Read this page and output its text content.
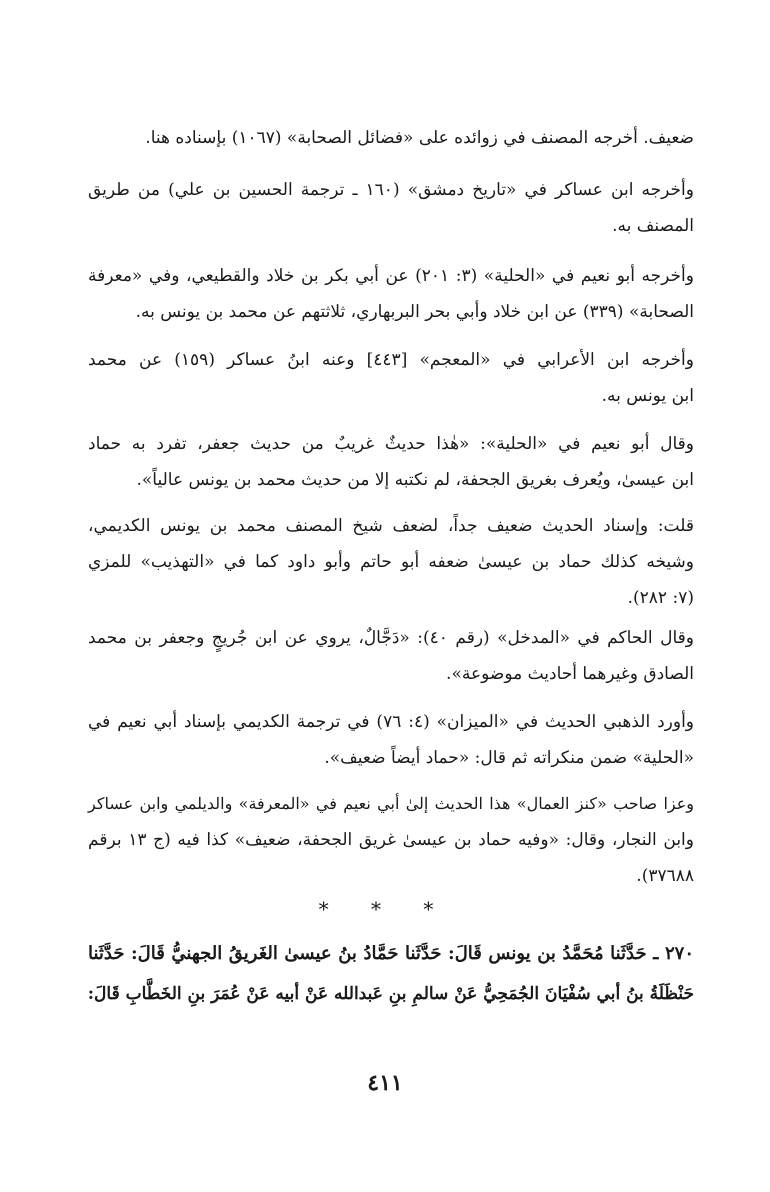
ضعيف. أخرجه المصنف في زوائده على «فضائل الصحابة» (١٠٦٧) بإسناده هنا.

وأخرجه ابن عساكر في «تاريخ دمشق» (١٦٠ ـ ترجمة الحسين بن علي) من طريق
المصنف به.

وأخرجه أبو نعيم في «الحلية» (٣: ٢٠١) عن أبي بكر بن خلاد والقطيعي، وفي «معرفة
الصحابة» (٣٣٩) عن ابن خلاد وأبي بحر البربهاري، ثلاثتهم عن محمد بن يونس به.

وأخرجه ابن الأعرابي في «المعجم» [٤٤٣] وعنه ابنُ عساكر (١٥٩) عن محمد
ابن يونس به.

وقال أبو نعيم في «الحلية»: «هٰذا حديثٌ غريبٌ من حديث جعفر، تفرد به حماد
ابن عيسىٰ، ويُعرف بغريق الجحفة، لم نكتبه إلا من حديث محمد بن يونس عالياً».

قلت: وإسناد الحديث ضعيف جداً، لضعف شيخ المصنف محمد بن يونس الكديمي،
وشيخه كذلك حماد بن عيسىٰ ضعفه أبو حاتم وأبو داود كما في «التهذيب» للمزي
(٧: ٢٨٢).

وقال الحاكم في «المدخل» (رقم ٤٠): «دَجَّالٌ، يروي عن ابن جُريجٍ وجعفر بن محمد
الصادق وغيرهما أحاديث موضوعة».

وأورد الذهبي الحديث في «الميزان» (٤: ٧٦) في ترجمة الكديمي بإسناد أبي نعيم في
«الحلية» ضمن منكراته ثم قال: «حماد أيضاً ضعيف».

وعزا صاحب «كنز العمال» هذا الحديث إلىٰ أبي نعيم في «المعرفة» والديلمي وابن عساكر
وابن النجار، وقال: «وفيه حماد بن عيسىٰ غريق الجحفة، ضعيف» كذا فيه (ج ١٣ برقم
٣٧٦٨٨).

* * *

٢٧٠ ـ حَدَّثَنا مُحَمَّدُ بن يونس قَالَ: حَدَّثَنا حَمَّادُ بنُ عيسىٰ الغَريقُ الجهنيُّ قَالَ: حَدَّثَنا
حَنْظَلَةُ بنُ أبي سُفْيَانَ الجُمَحِيُّ عَنْ سالمِ بنِ عَبدالله عَنْ أبيه عَنْ عُمَرَ بنِ الخَطَّابِ قَالَ:

٤١١
